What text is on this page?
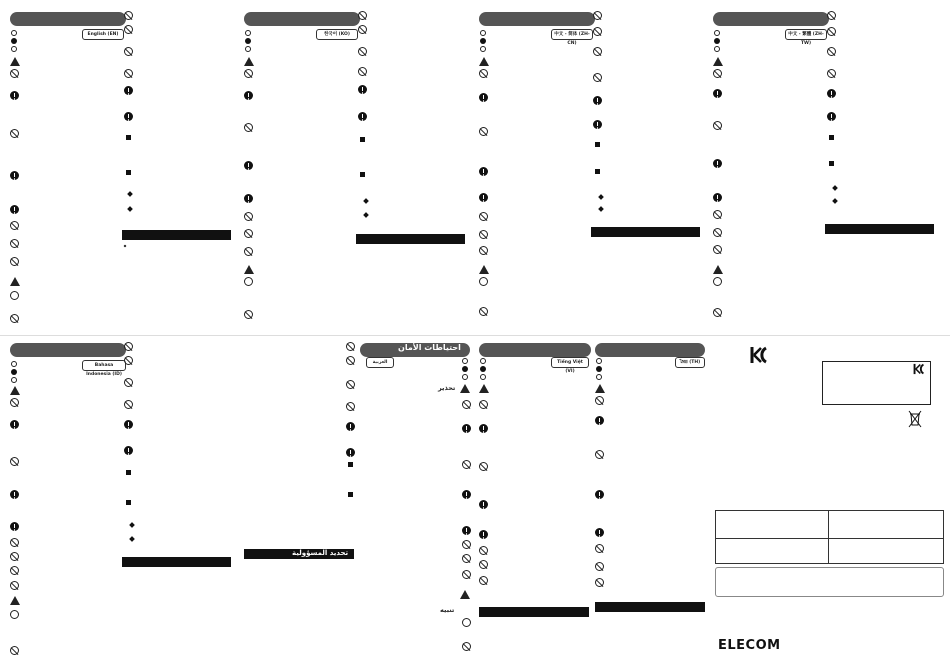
English (EN)	한국어 (KO)	中文 - 简体 (ZH-CN)
中文 - 繁體 (ZH-TW)
Bahasa Indonesia (ID)
تحديد المسؤولية
احتياطات الأمان
العربية
تحذير
تنبيه
Tiếng Việt (VI)
ไทย (TH)
ELECOM
